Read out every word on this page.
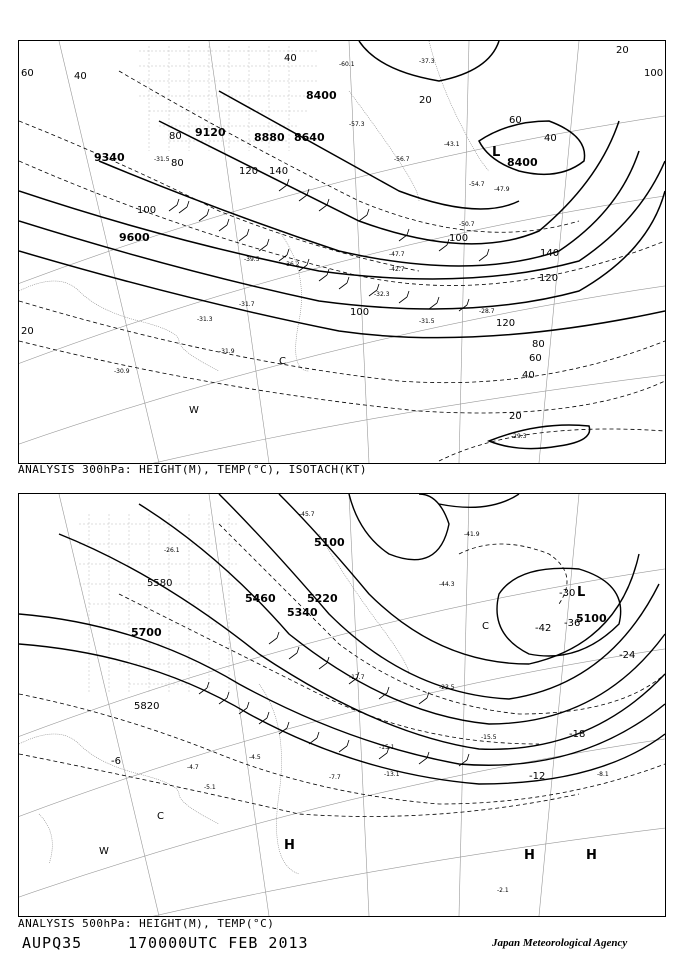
9340
9120	8880 8640
8400
8400
9600
60	40
40
80
80
100
120 140
100
20
120
140
120
100
80
60
40
20
20
60
40
100
20
-31.5
-47.9
-54.7
-50.7
-43.1
-47.7
-42.7
-39.5
-36.2
-31.9
-31.3
-30.9
-32.3
-31.5
-28.7
-29.3
-56.7
-57.3
-60.1	-37.3
-31.7
L
C
W
ANALYSIS 300hPa: HEIGHT(M), TEMP(°C), ISOTACH(KT)
5100
5220
5340
5460
5580
5700
5820
5100
-30
-42 -36
-24
-18
-12
-6
-5.1
-15.5
-13.1
-23.5
-26.1
-4.5
-8.1
-2.1
-45.7
-44.3
-41.9
-17.7
-15.1
-7.7
-4.7
L
C
H
H	H
W
C
ANALYSIS 500hPa: HEIGHT(M), TEMP(°C)
AUPQ35	170000UTC FEB 2013	Japan Meteorological Agency
